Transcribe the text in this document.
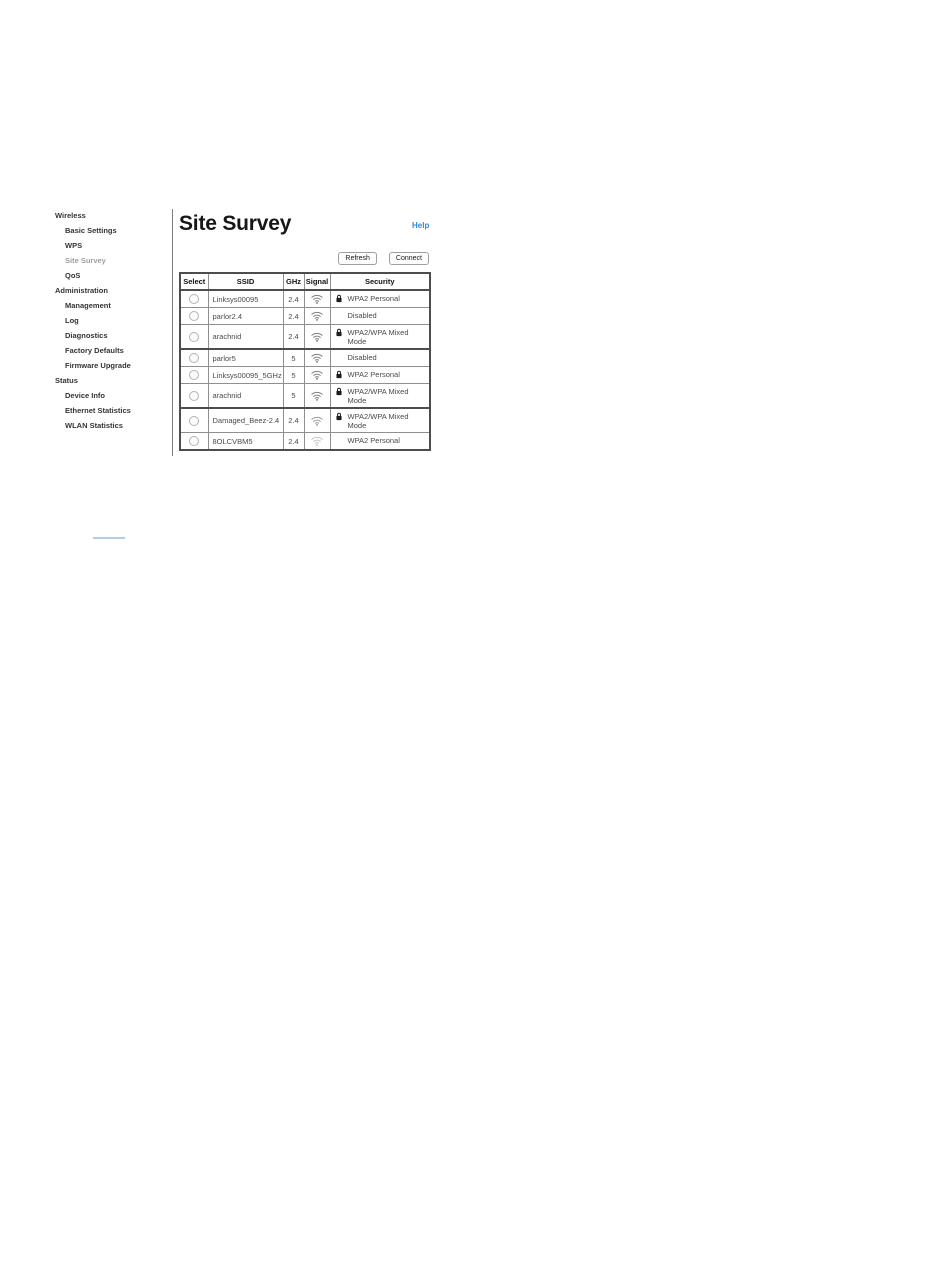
Wireless
Basic Settings
WPS
Site Survey
QoS
Administration
Management
Log
Diagnostics
Factory Defaults
Firmware Upgrade
Status
Device Info
Ethernet Statistics
WLAN Statistics
Site Survey	Help
Refresh	Connect
Select	SSID	GHz	Signal	Security
	Linksys00095	2.4		WPA2 Personal
	parlor2.4	2.4		Disabled
	arachnid	2.4		WPA2/WPA Mixed Mode
	parlor5	5		Disabled
	Linksys00095_5GHz	5		WPA2 Personal
	arachnid	5		WPA2/WPA Mixed Mode
	Damaged_Beez-2.4	2.4		WPA2/WPA Mixed Mode
	8OLCVBM5	2.4		WPA2 Personal
